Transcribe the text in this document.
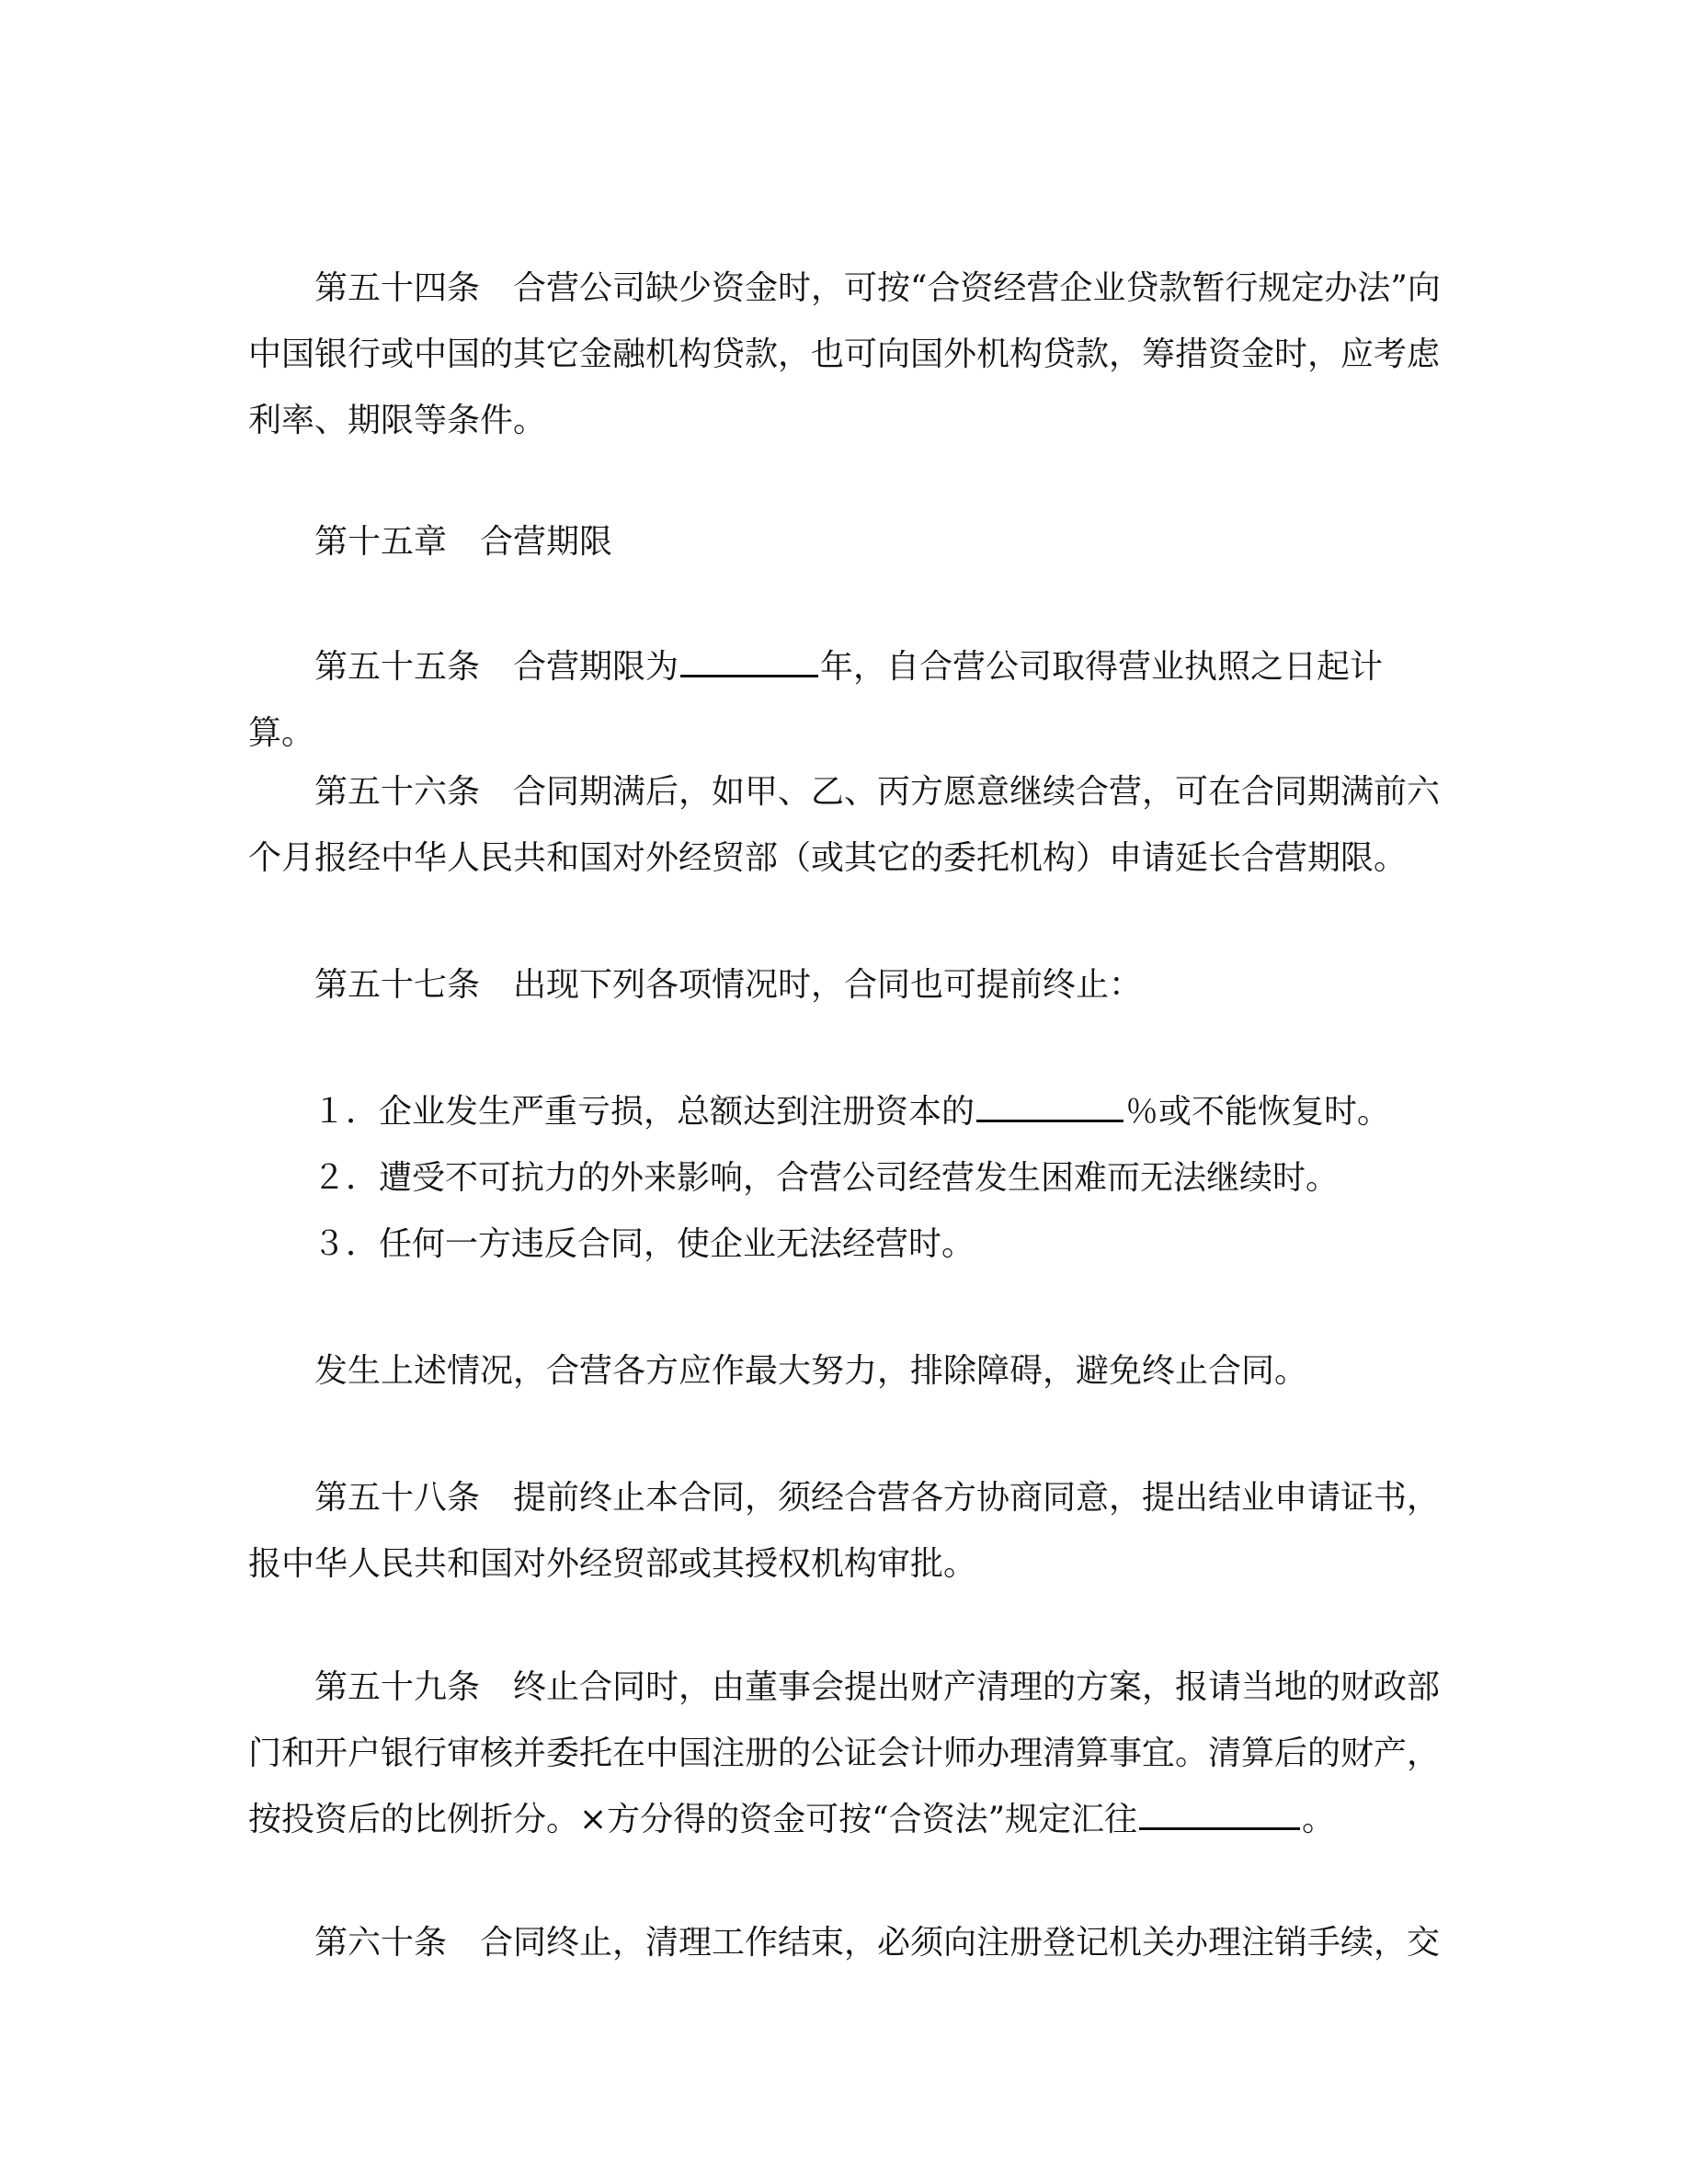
第五十四条　合营公司缺少资金时，可按“合资经营企业贷款暂行规定办法”向中国银行或中国的其它金融机构贷款，也可向国外机构贷款，筹措资金时，应考虑利率、期限等条件。

第十五章　合营期限

第五十五条　合营期限为	年，自合营公司取得营业执照之日起计算。

第五十六条　合同期满后，如甲、乙、丙方愿意继续合营，可在合同期满前六个月报经中华人民共和国对外经贸部（或其它的委托机构）申请延长合营期限。

第五十七条　出现下列各项情况时，合同也可提前终止：

１．企业发生严重亏损，总额达到注册资本的	％或不能恢复时。

２．遭受不可抗力的外来影响，合营公司经营发生困难而无法继续时。

３．任何一方违反合同，使企业无法经营时。

发生上述情况，合营各方应作最大努力，排除障碍，避免终止合同。

第五十八条　提前终止本合同，须经合营各方协商同意，提出结业申请证书，报中华人民共和国对外经贸部或其授权机构审批。

第五十九条　终止合同时，由董事会提出财产清理的方案，报请当地的财政部门和开户银行审核并委托在中国注册的公证会计师办理清算事宜。清算后的财产，按投资后的比例折分。×方分得的资金可按“合资法”规定汇往	。

第六十条　合同终止，清理工作结束，必须向注册登记机关办理注销手续，交
